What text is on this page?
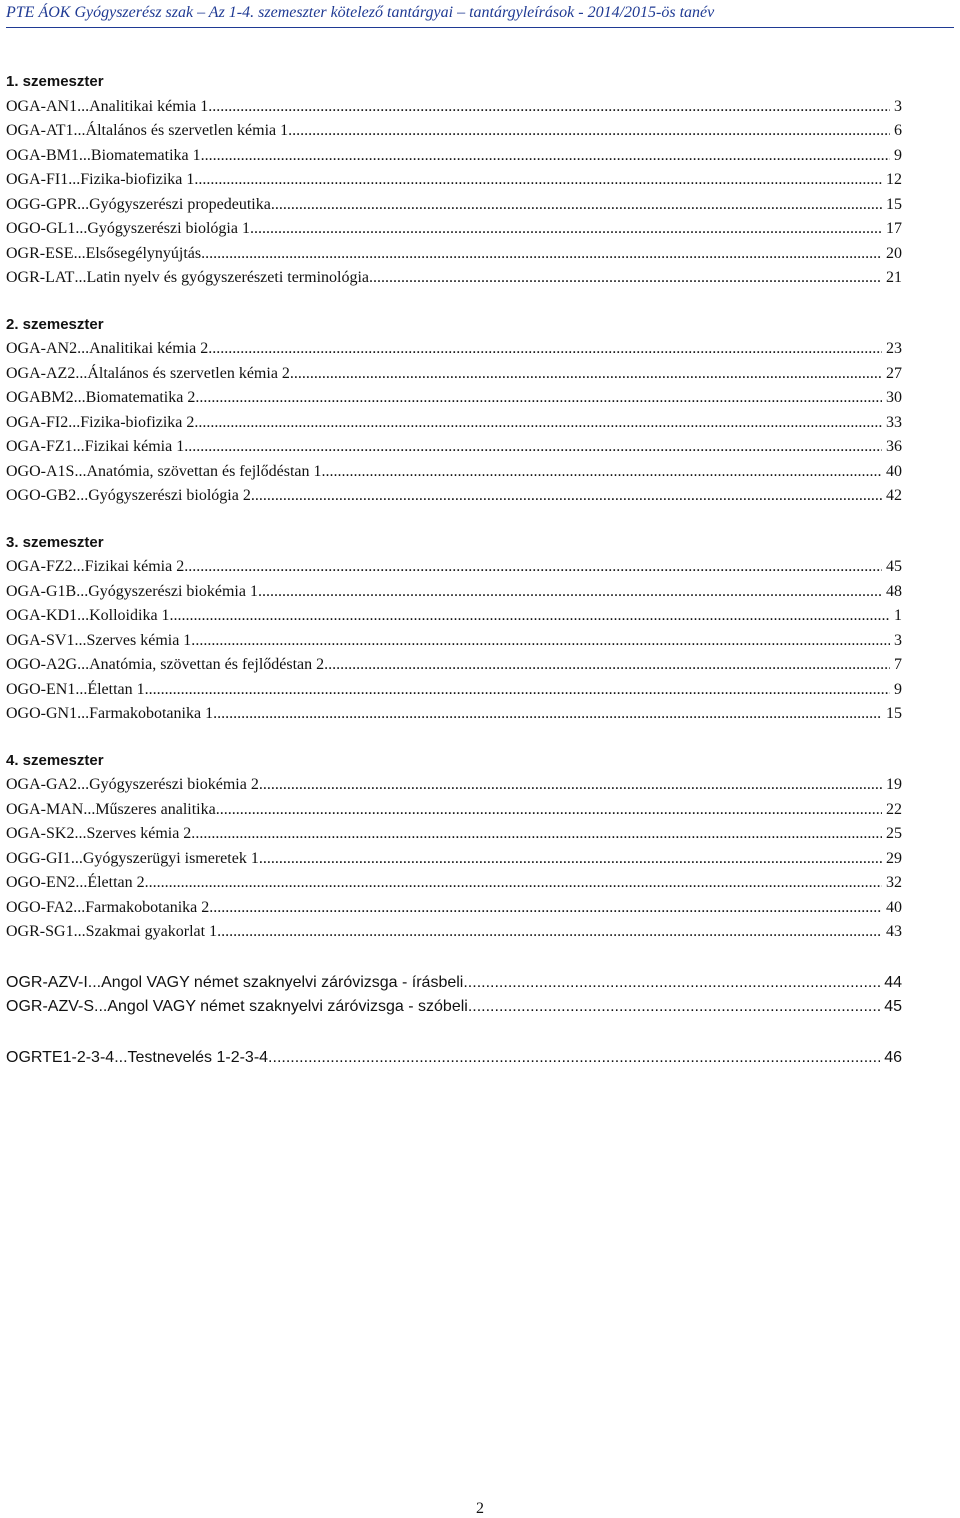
PTE ÁOK Gyógyszerész szak – Az 1-4. szemeszter kötelező tantárgyai – tantárgyleírások - 2014/2015-ös tanév
1. szemeszter
OGA-AN1 ... Analitikai kémia 1. .....
	3
OGA-AT1 ... Általános és szervetlen kémia 1. .....
	6
OGA-BM1 ... Biomatematika 1. .....
	9
OGA-FI1 ... Fizika-biofizika 1. .....
	12
OGG-GPR ... Gyógyszerészi propedeutika .....
	15
OGO-GL1 ... Gyógyszerészi biológia 1. .....
	17
OGR-ESE ... Elsősegélynyújtás .....
	20
OGR-LAT ... Latin nyelv és gyógyszerészeti terminológia .....
	21
2. szemeszter
OGA-AN2 ... Analitikai kémia 2. .....
	23
OGA-AZ2 ... Általános és szervetlen kémia 2. .....
	27
OGABM2 ... Biomatematika 2. .....
	30
OGA-FI2 ... Fizika-biofizika 2. .....
	33
OGA-FZ1 ... Fizikai kémia 1. .....
	36
OGO-A1S ... Anatómia, szövettan és fejlődéstan 1. .....
	40
OGO-GB2 ... Gyógyszerészi biológia 2. .....
	42
3. szemeszter
OGA-FZ2 ... Fizikai kémia 2. .....
	45
OGA-G1B ... Gyógyszerészi biokémia 1. .....
	48
OGA-KD1 ... Kolloidika 1. .....
	1
OGA-SV1 ... Szerves kémia 1. .....
	3
OGO-A2G ... Anatómia, szövettan és fejlődéstan 2. .....
	7
OGO-EN1 ... Élettan 1. .....
	9
OGO-GN1 ... Farmakobotanika 1. .....
	15
4. szemeszter
OGA-GA2 ... Gyógyszerészi biokémia 2. .....
	19
OGA-MAN ... Műszeres analitika .....
	22
OGA-SK2 ... Szerves kémia 2. .....
	25
OGG-GI1 ... Gyógyszerügyi ismeretek 1. .....
	29
OGO-EN2 ... Élettan 2. .....
	32
OGO-FA2 ... Farmakobotanika 2. .....
	40
OGR-SG1 ... Szakmai gyakorlat 1. .....
	43
OGR-AZV-I ... Angol VAGY német szaknyelvi záróvizsga - írásbeli .....
	44
OGR-AZV-S ... Angol VAGY német szaknyelvi záróvizsga - szóbeli .....
	45
OGRTE1-2-3-4 ... Testnevelés 1-2-3-4. .....
	46
2
